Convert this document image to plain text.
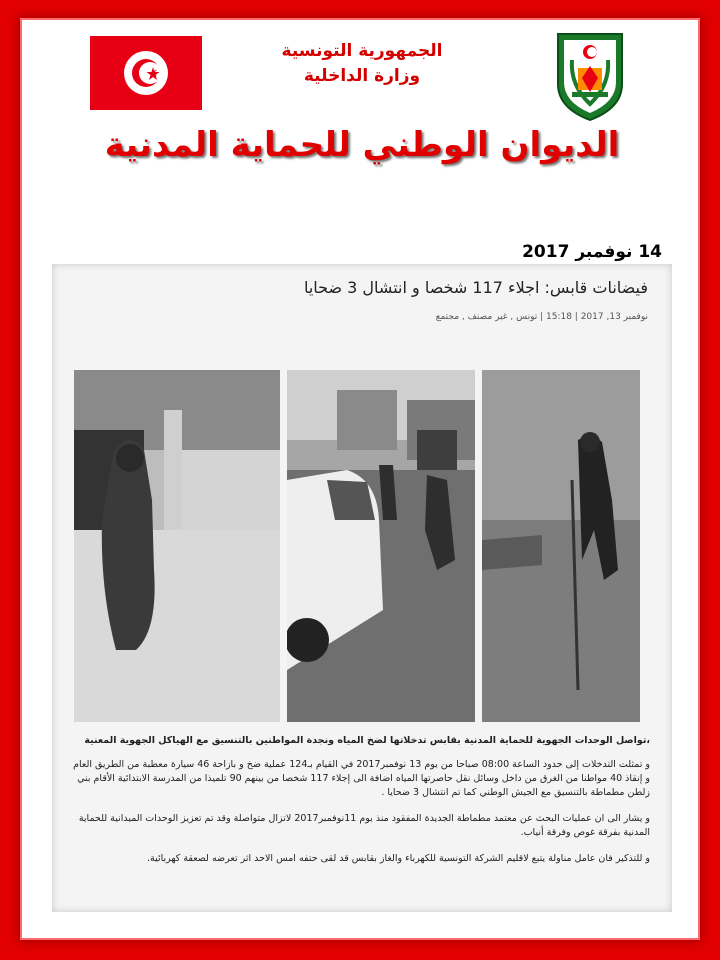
الجمهورية التونسية
وزارة الداخلية
الديوان الوطني للحماية المدنية
14 نوفمبر 2017
فيضانات قابس: اجلاء 117 شخصا و انتشال 3 ضحايا
نوفمبر 13, 2017 | 15:18 | تونس , غير مصنف , مجتمع
،تواصل الوحدات الجهوية للحماية المدنية بقابس تدخلاتها لضخ المياه ونجدة المواطنين بالتنسيق مع الهياكل الجهوية المعنية
و تمثلت التدخلات إلى حدود الساعة 08:00 صباحا من يوم 13 نوفمبر2017 في القيام بـ124 عملية ضخ و بازاحة 46 سيارة معطبة من الطريق العام و إنقاذ 40 مواطنا من الغرق من داخل وسائل نقل حاصرتها المياه اضافة الى إجلاء 117 شخصا من بينهم 90 تلميذا من المدرسة الابتدائية الأقام بني زلطن مطماطة بالتنسيق مع الجيش الوطني كما تم انتشال 3 ضحايا .
و يشار الى ان عمليات البحث عن معتمد مطماطة الجديدة المفقود منذ يوم 11نوفمبر2017 لاتزال متواصلة وقد تم تعزيز الوحدات الميدانية للحماية المدنية بفرقة غوص وفرقة أنياب.
و للتذكير فان عامل مناولة يتبع لاقليم الشركة التونسية للكهرباء والغاز بقابس قد لقى حتفه امس الاحد اثر تعرضه لصعقة كهربائية.
